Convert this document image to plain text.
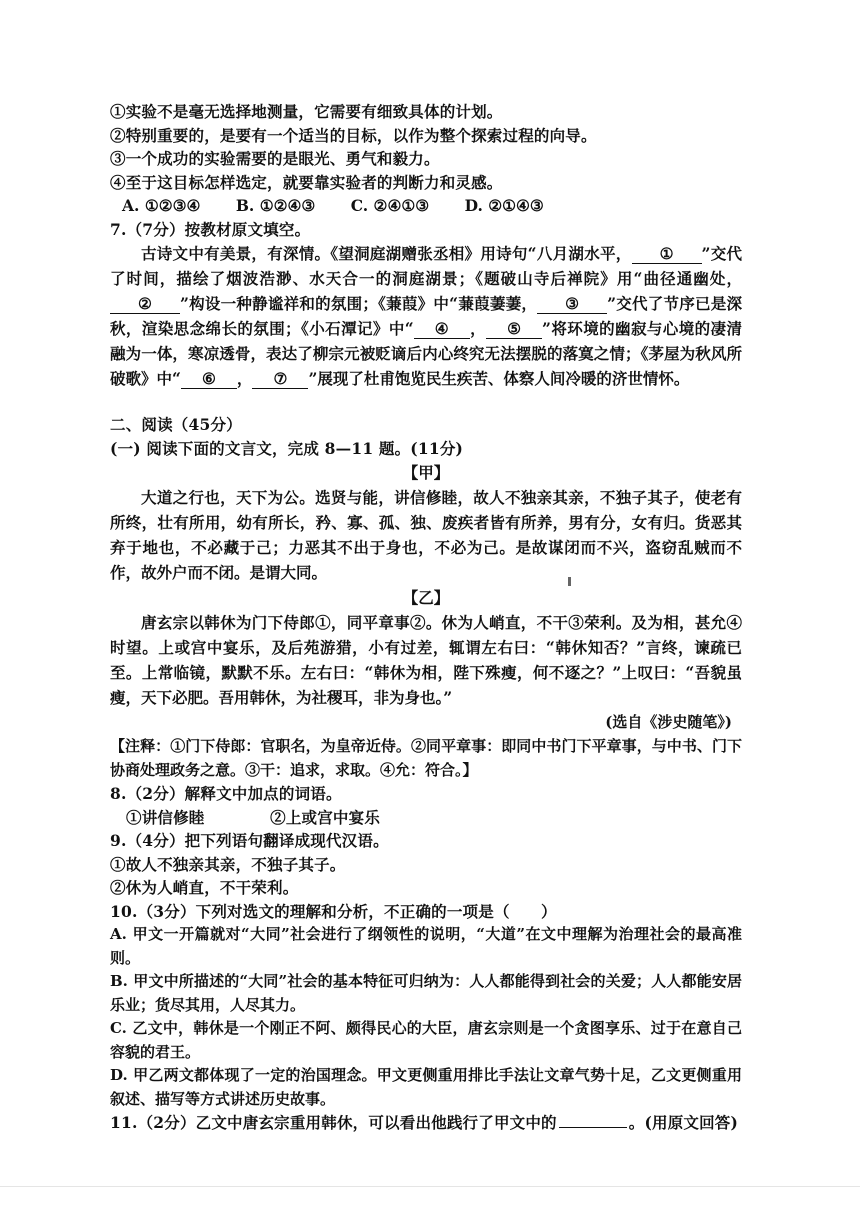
①实验不是毫无选择地测量，它需要有细致具体的计划。
②特别重要的，是要有一个适当的目标，以作为整个探索过程的向导。
③一个成功的实验需要的是眼光、勇气和毅力。
④至于这目标怎样选定，就要靠实验者的判断力和灵感。
A. ①②③④ B. ①②④③ C. ②④①③ D. ②①④③
7.（7分）按教材原文填空。
古诗文中有美景，有深情。《望洞庭湖赠张丞相》用诗句“八月湖水平， ① ”交代了时间，描绘了烟波浩渺、水天合一的洞庭湖景；《题破山寺后禅院》用“曲径通幽处，② ”构设一种静谧祥和的氛围；《蒹葭》中“蒹葭萋萋， ③ ”交代了节序已是深秋，渲染思念绵长的氛围；《小石潭记》中“ ④ ， ⑤ ”将环境的幽寂与心境的凄清融为一体，寒凉透骨，表达了柳宗元被贬谪后内心终究无法摆脱的落寞之情；《茅屋为秋风所破歌》中“ ⑥ ， ⑦ ”展现了杜甫饱览民生疾苦、体察人间冷暖的济世情怀。
二、阅读（45分）
(一) 阅读下面的文言文，完成 8—11 题。(11分)
【甲】
大道之行也，天下为公。选贤与能，讲信修睦，故人不独亲其亲，不独子其子，使老有所终，壮有所用，幼有所长，矜、寡、孤、独、废疾者皆有所养，男有分，女有归。货恶其弃于地也，不必藏于己；力恶其不出于身也，不必为己。是故谋闭而不兴，盗窃乱贼而不作，故外户而不闭。是谓大同。
【乙】
唐玄宗以韩休为门下侍郎①，同平章事②。休为人峭直，不干③荣利。及为相，甚允④时望。上或宫中宴乐，及后苑游猎，小有过差，辄谓左右曰：“韩休知否？”言终，谏疏已至。上常临镜，默默不乐。左右曰：“韩休为相，陛下殊瘦，何不逐之？”上叹曰：“吾貌虽瘦，天下必肥。吾用韩休，为社稷耳，非为身也。”
(选自《涉史随笔》)
【注释：①门下侍郎：官职名，为皇帝近侍。②同平章事：即同中书门下平章事，与中书、门下协商处理政务之意。③干：追求，求取。④允：符合。】
8.（2分）解释文中加点的词语。
①讲信修睦	②上或宫中宴乐
9.（4分）把下列语句翻译成现代汉语。
①故人不独亲其亲，不独子其子。
②休为人峭直，不干荣利。
10.（3分）下列对选文的理解和分析，不正确的一项是（　　）
A. 甲文一开篇就对“大同”社会进行了纲领性的说明，“大道”在文中理解为治理社会的最高准则。
B. 甲文中所描述的“大同”社会的基本特征可归纳为：人人都能得到社会的关爱；人人都能安居乐业；货尽其用，人尽其力。
C. 乙文中，韩休是一个刚正不阿、颇得民心的大臣，唐玄宗则是一个贪图享乐、过于在意自己容貌的君王。
D. 甲乙两文都体现了一定的治国理念。甲文更侧重用排比手法让文章气势十足，乙文更侧重用叙述、描写等方式讲述历史故事。
11.（2分）乙文中唐玄宗重用韩休，可以看出他践行了甲文中的	。(用原文回答)
